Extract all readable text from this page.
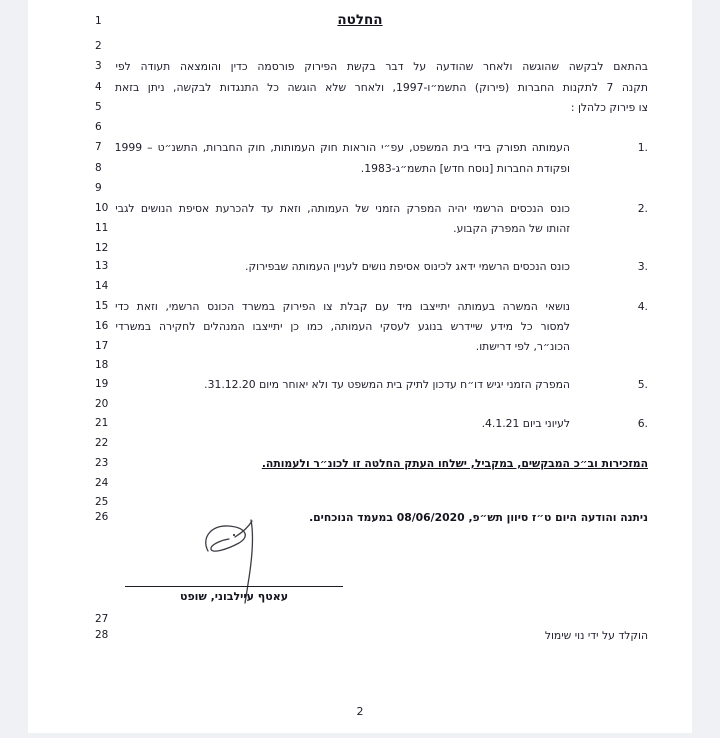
1
2
3
4
5
6
7
8
9
10
11
12
13
14
15
16
17
18
19
20
21
22
23
24
25
26
27
28
החלטה
בהתאם לבקשה שהוגשה ולאחר שהודעה על דבר בקשת הפירוק פורסמה כדין והומצאה תעודה לפי
תקנה 7 לתקנות החברות (פירוק) התשמ״ו-1997, ולאחר שלא הוגשה כל התנגדות לבקשה, ניתן בזאת
צו פירוק כלהלן :
1.
העמותה תפורק בידי בית המשפט, עפ״י הוראות חוק העמותות, חוק החברות, התשנ״ט – 1999
ופקודת החברות [נוסח חדש] התשמ״ג-1983.
2.
כונס הנכסים הרשמי יהיה המפרק הזמני של העמותה, וזאת עד להכרעת אסיפת הנושים לגבי
זהותו של המפרק הקבוע.
3.
כונס הנכסים הרשמי ידאג לכינוס אסיפת נושים לעניין העמותה שבפירוק.
4.
נושאי המשרה בעמותה יתייצבו מיד עם קבלת צו הפירוק במשרד הכונס הרשמי, וזאת כדי
למסור כל מידע שיידרש בנוגע לעסקי העמותה, כמו כן יתייצבו המנהלים לחקירה במשרדי
הכונ״ר, לפי דרישתו.
5.
המפרק הזמני יגיש דו״ח עדכון לתיק בית המשפט עד ולא יאוחר מיום 31.12.20.
6.
לעיוני ביום 4.1.21.
המזכירות וב״כ המבקשים, במקביל, ישלחו העתק החלטה זו לכונ״ר ולעמותה.
ניתנה והודעה היום ט״ז סיוון תש״פ, 08/06/2020 במעמד הנוכחים.
הוקלד על ידי נוי שימול
עאטף עיילבוני, שופט
2
